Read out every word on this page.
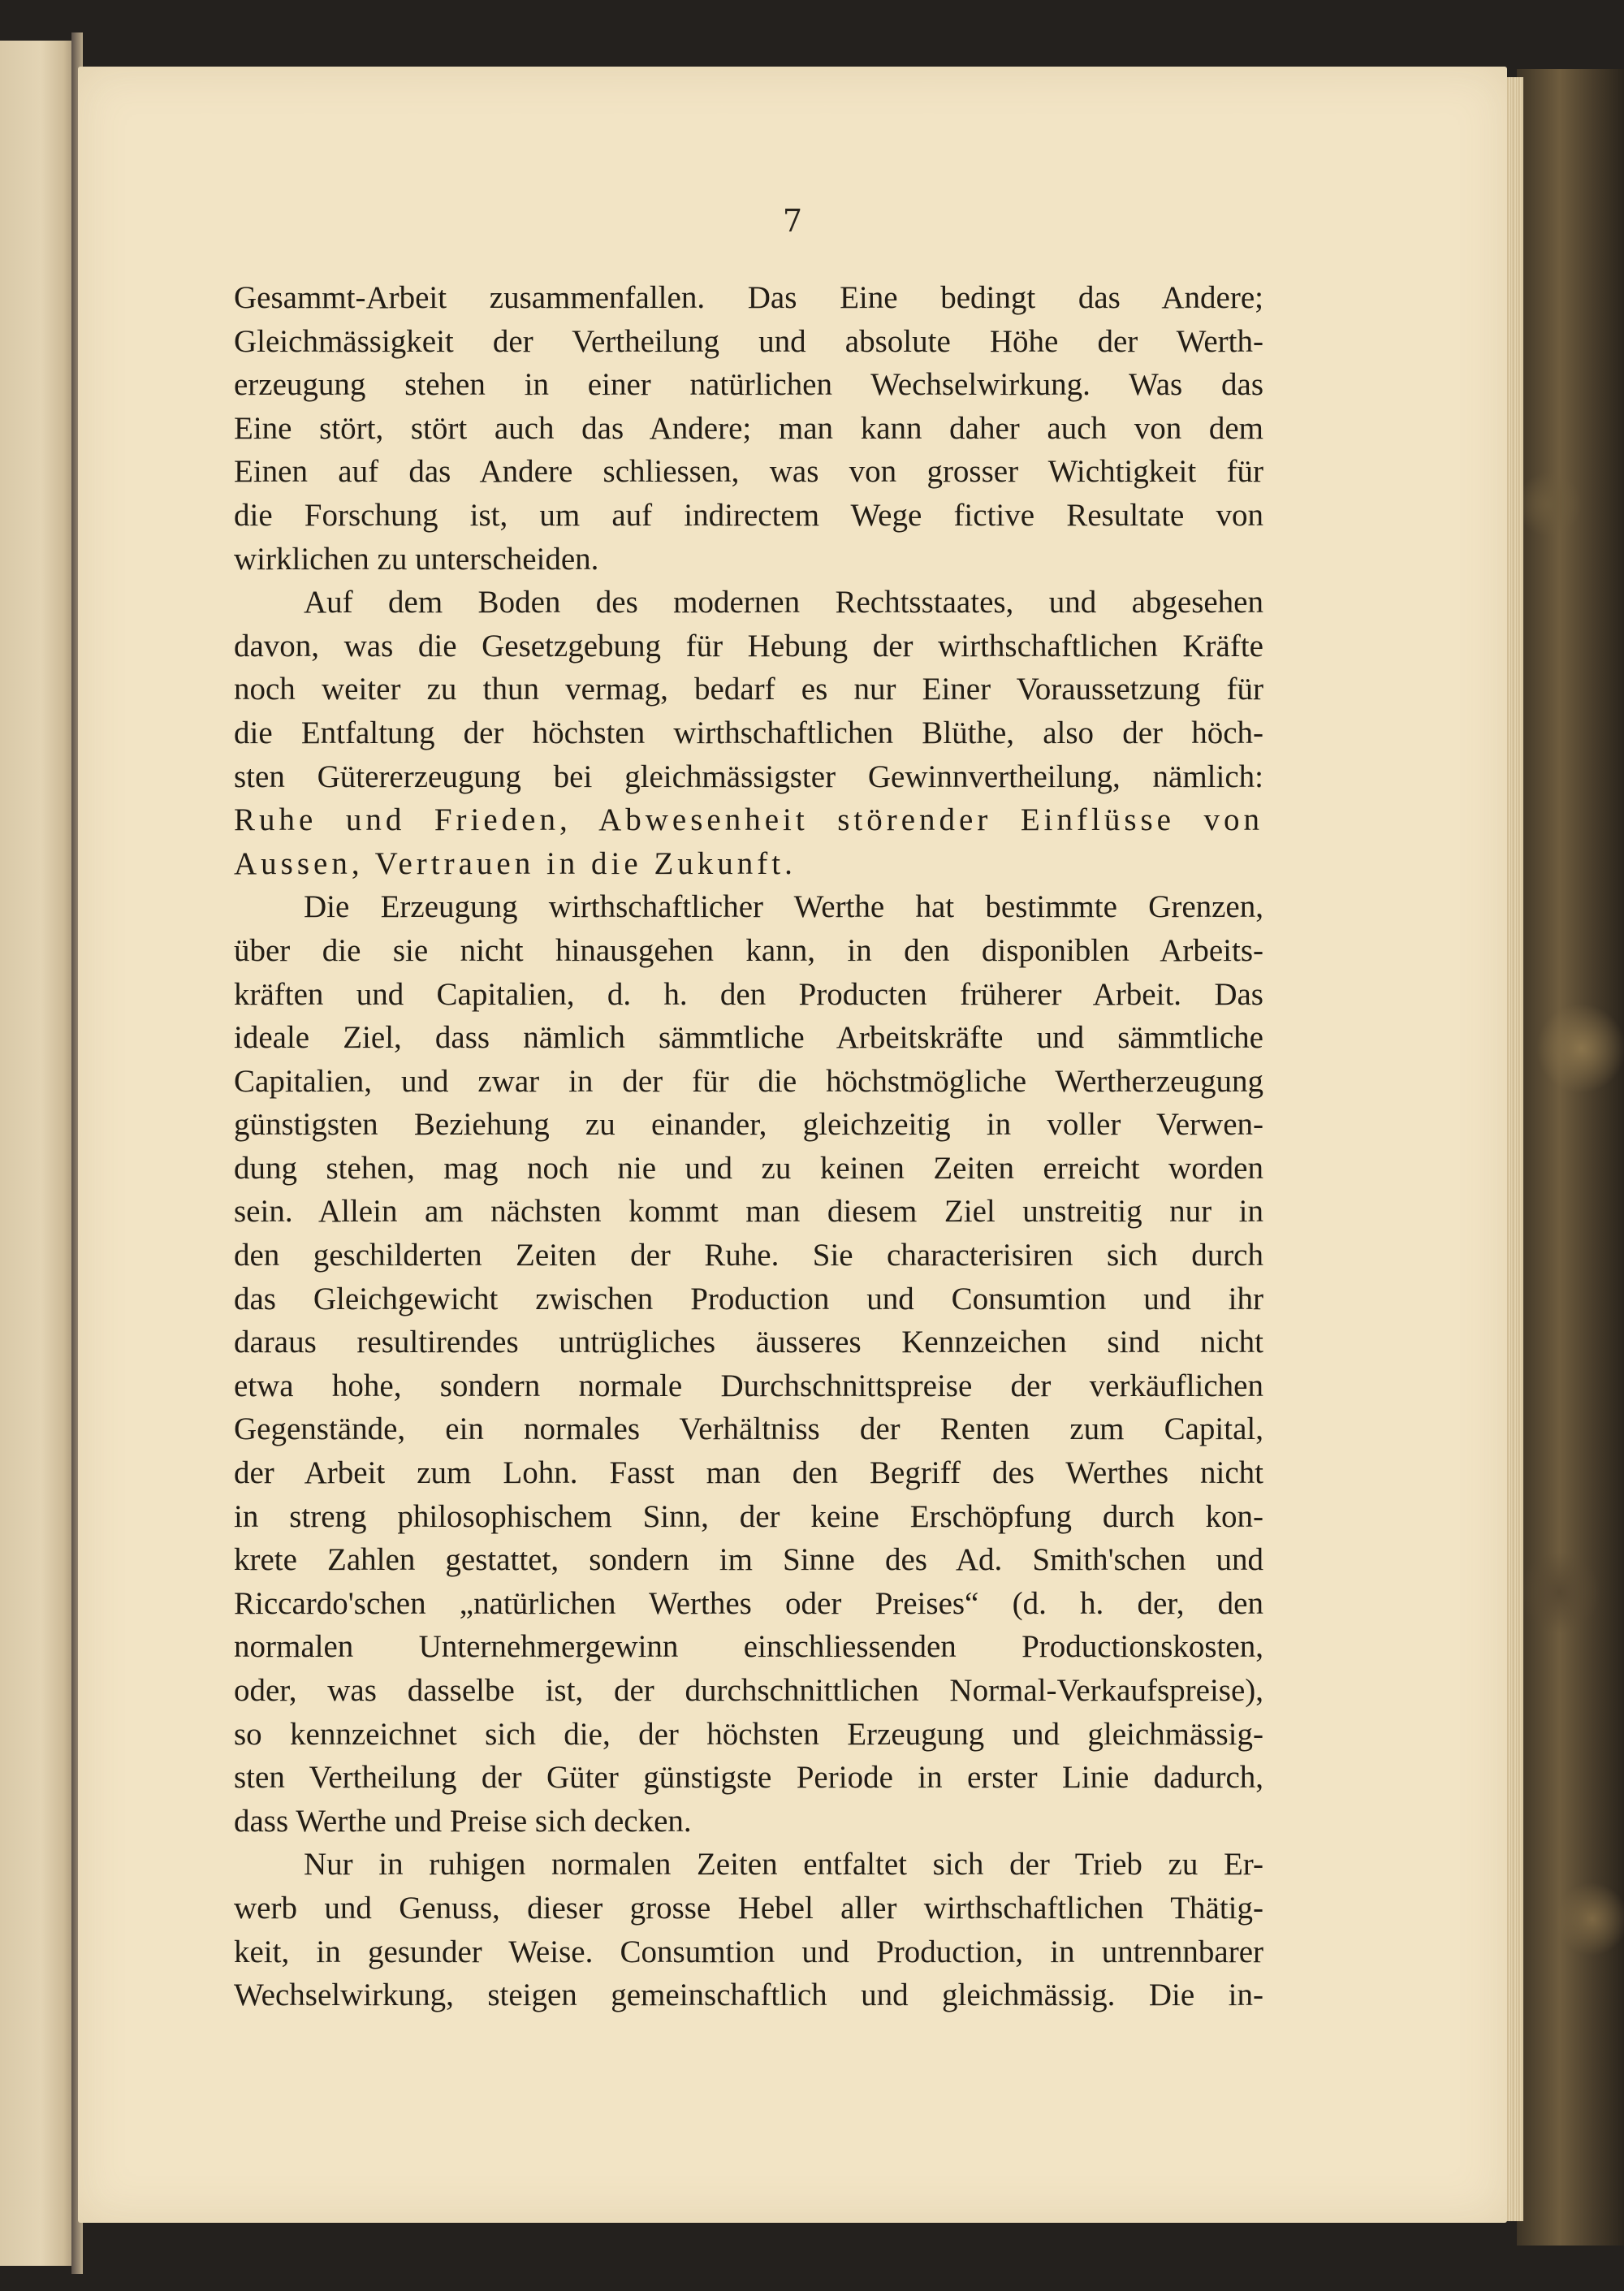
7
Gesammt-Arbeit zusammenfallen. Das Eine bedingt das Andere;
Gleichmässigkeit der Vertheilung und absolute Höhe der Werth-
erzeugung stehen in einer natürlichen Wechselwirkung. Was das
Eine stört, stört auch das Andere; man kann daher auch von dem
Einen auf das Andere schliessen, was von grosser Wichtigkeit für
die Forschung ist, um auf indirectem Wege fictive Resultate von
wirklichen zu unterscheiden.
Auf dem Boden des modernen Rechtsstaates, und abgesehen
davon, was die Gesetzgebung für Hebung der wirthschaftlichen Kräfte
noch weiter zu thun vermag, bedarf es nur Einer Voraussetzung für
die Entfaltung der höchsten wirthschaftlichen Blüthe, also der höch-
sten Gütererzeugung bei gleichmässigster Gewinnvertheilung, nämlich:
Ruhe und Frieden, Abwesenheit störender Einflüsse von
Aussen, Vertrauen in die Zukunft.
Die Erzeugung wirthschaftlicher Werthe hat bestimmte Grenzen,
über die sie nicht hinausgehen kann, in den disponiblen Arbeits-
kräften und Capitalien, d. h. den Producten früherer Arbeit. Das
ideale Ziel, dass nämlich sämmtliche Arbeitskräfte und sämmtliche
Capitalien, und zwar in der für die höchstmögliche Wertherzeugung
günstigsten Beziehung zu einander, gleichzeitig in voller Verwen-
dung stehen, mag noch nie und zu keinen Zeiten erreicht worden
sein. Allein am nächsten kommt man diesem Ziel unstreitig nur in
den geschilderten Zeiten der Ruhe. Sie characterisiren sich durch
das Gleichgewicht zwischen Production und Consumtion und ihr
daraus resultirendes untrügliches äusseres Kennzeichen sind nicht
etwa hohe, sondern normale Durchschnittspreise der verkäuflichen
Gegenstände, ein normales Verhältniss der Renten zum Capital,
der Arbeit zum Lohn. Fasst man den Begriff des Werthes nicht
in streng philosophischem Sinn, der keine Erschöpfung durch kon-
krete Zahlen gestattet, sondern im Sinne des Ad. Smith'schen und
Riccardo'schen „natürlichen Werthes oder Preises“ (d. h. der, den
normalen Unternehmergewinn einschliessenden Productionskosten,
oder, was dasselbe ist, der durchschnittlichen Normal-Verkaufspreise),
so kennzeichnet sich die, der höchsten Erzeugung und gleichmässig-
sten Vertheilung der Güter günstigste Periode in erster Linie dadurch,
dass Werthe und Preise sich decken.
Nur in ruhigen normalen Zeiten entfaltet sich der Trieb zu Er-
werb und Genuss, dieser grosse Hebel aller wirthschaftlichen Thätig-
keit, in gesunder Weise. Consumtion und Production, in untrennbarer
Wechselwirkung, steigen gemeinschaftlich und gleichmässig. Die in-
